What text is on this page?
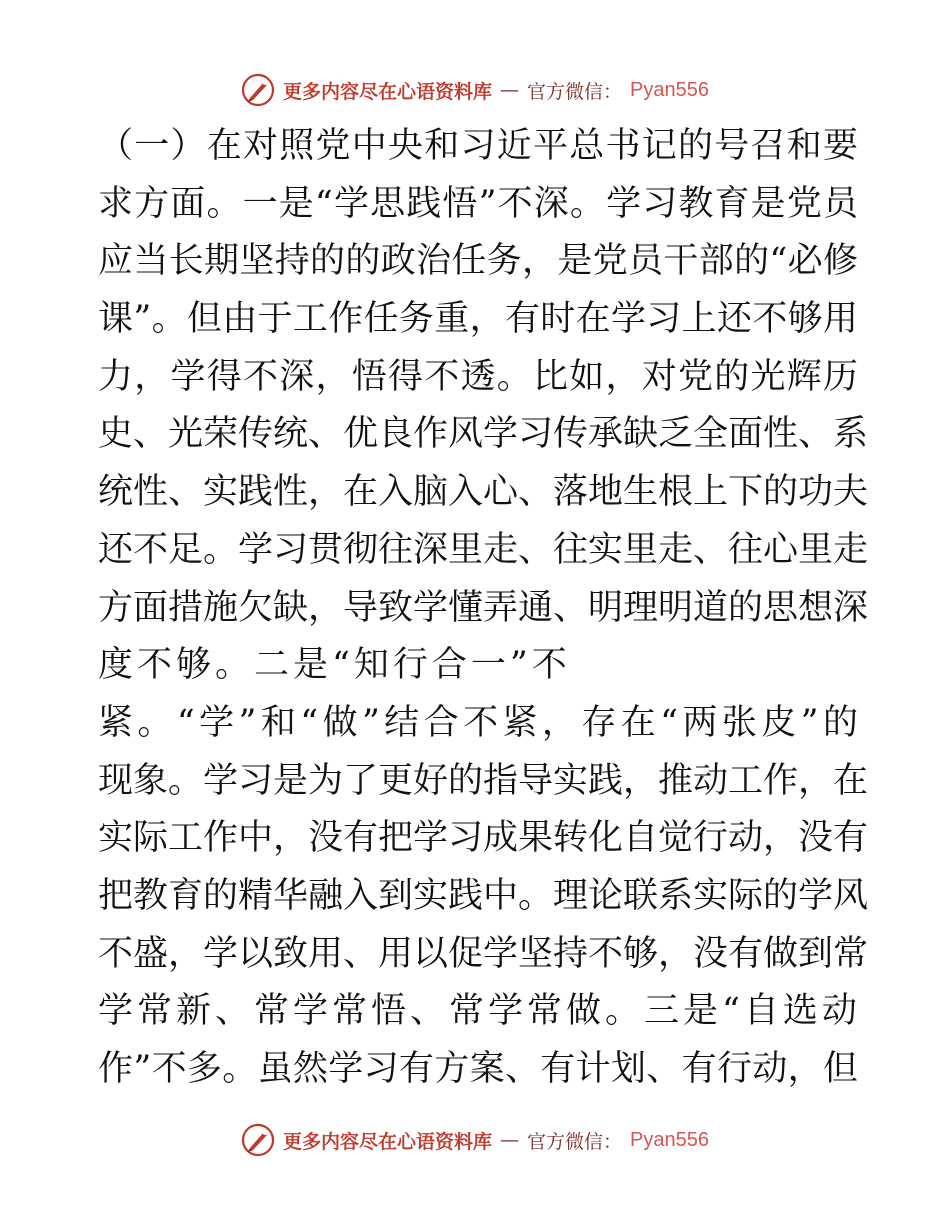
更多内容尽在心语资料库 — 官方微信： Pyan556
（一）在对照党中央和习近平总书记的号召和要
求方面。一是“学思践悟”不深。学习教育是党员
应当长期坚持的的政治任务，是党员干部的“必修
课”。但由于工作任务重，有时在学习上还不够用
力，学得不深，悟得不透。比如，对党的光辉历
史、光荣传统、优良作风学习传承缺乏全面性、系
统性、实践性，在入脑入心、落地生根上下的功夫
还不足。学习贯彻往深里走、往实里走、往心里走
方面措施欠缺，导致学懂弄通、明理明道的思想深
度不够。二是“知行合一”不
紧。“学”和“做”结合不紧，存在“两张皮”的
现象。学习是为了更好的指导实践，推动工作，在
实际工作中，没有把学习成果转化自觉行动，没有
把教育的精华融入到实践中。理论联系实际的学风
不盛，学以致用、用以促学坚持不够，没有做到常
学常新、常学常悟、常学常做。三是“自选动
作”不多。虽然学习有方案、有计划、有行动，但
更多内容尽在心语资料库 — 官方微信： Pyan556
